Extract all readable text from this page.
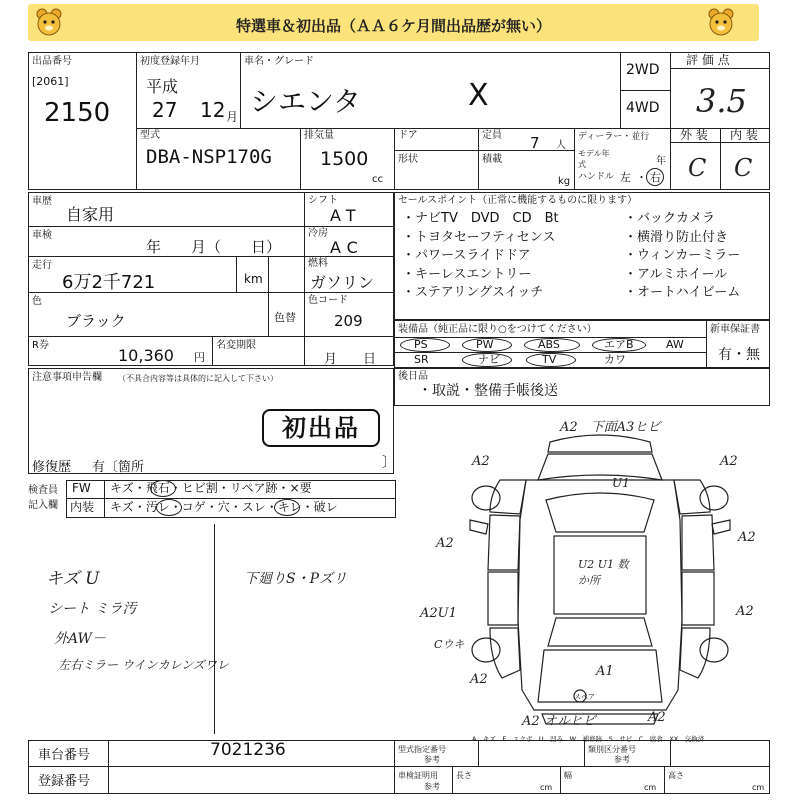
特選車＆初出品（ＡＡ６ケ月間出品歴が無い）
出品番号
[2061]
2150
初度登録年月
平成
27 12 月
車名・グレード
シエンタ	X
2WD
4WD
評 価 点
3.5
外 装 内 装
C C
型式
DBA-NSP170G
排気量
1500
cc
ドア	定員 7 人
形状	積載
kg
ディーラー・並行
モデル年式	年
ハンドル 左 ・ 右
車歴
自家用
車検
年　　月（　　日）
走行
6万2千721	km
色
ブラック	色替
R券
10,360 円
名変期限
月　　日
シフト
AT
冷房
AC
燃料
ガソリン
色コード
209
セールスポイント（正常に機能するものに限ります）
・ナビTV　DVD　CD　Bt
・トヨタセーフティセンス
・パワースライドドア
・キーレスエントリー
・ステアリングスイッチ
・バックカメラ
・横滑り防止付き
・ウィンカーミラー
・アルミホイール
・オートハイビーム
装備品（純正品に限り○をつけてください）	新車保証書
有・無
PS	PW	ABS	エアB	AW
SR	ナビ	TV	カワ
後日品
・取説・整備手帳後送
注意事項申告欄 （不具合内容等は具体的に記入して下さい）
初出品
修復歴 有〔箇所	〕
検査員
記入欄
FW キズ・飛石・ヒビ割・リペア跡・×要
内装 キズ・汚レ・コゲ・穴・スレ・キレ・破レ
キズ U
シート ミラ汚
外AW－
左右ミラー ウインカレンズワレ
下廻りS・Pズリ
A2　下面A3ヒビ
A2	A2
A2	A2
U1
U2 U1 数か所
A2U1
Cウキ
A2
A2
A1
A2
スペア
A2 オルヒビ
A…キズ　E…エクボ　U…凹み　W…補修跡　S…サビ　C…腐食　XX…交換済
車台番号	7021236
登録番号
型式指定番号
参考
類別区分番号
参考
車検証明用
参考
長さ
cm
幅
cm
高さ
cm
